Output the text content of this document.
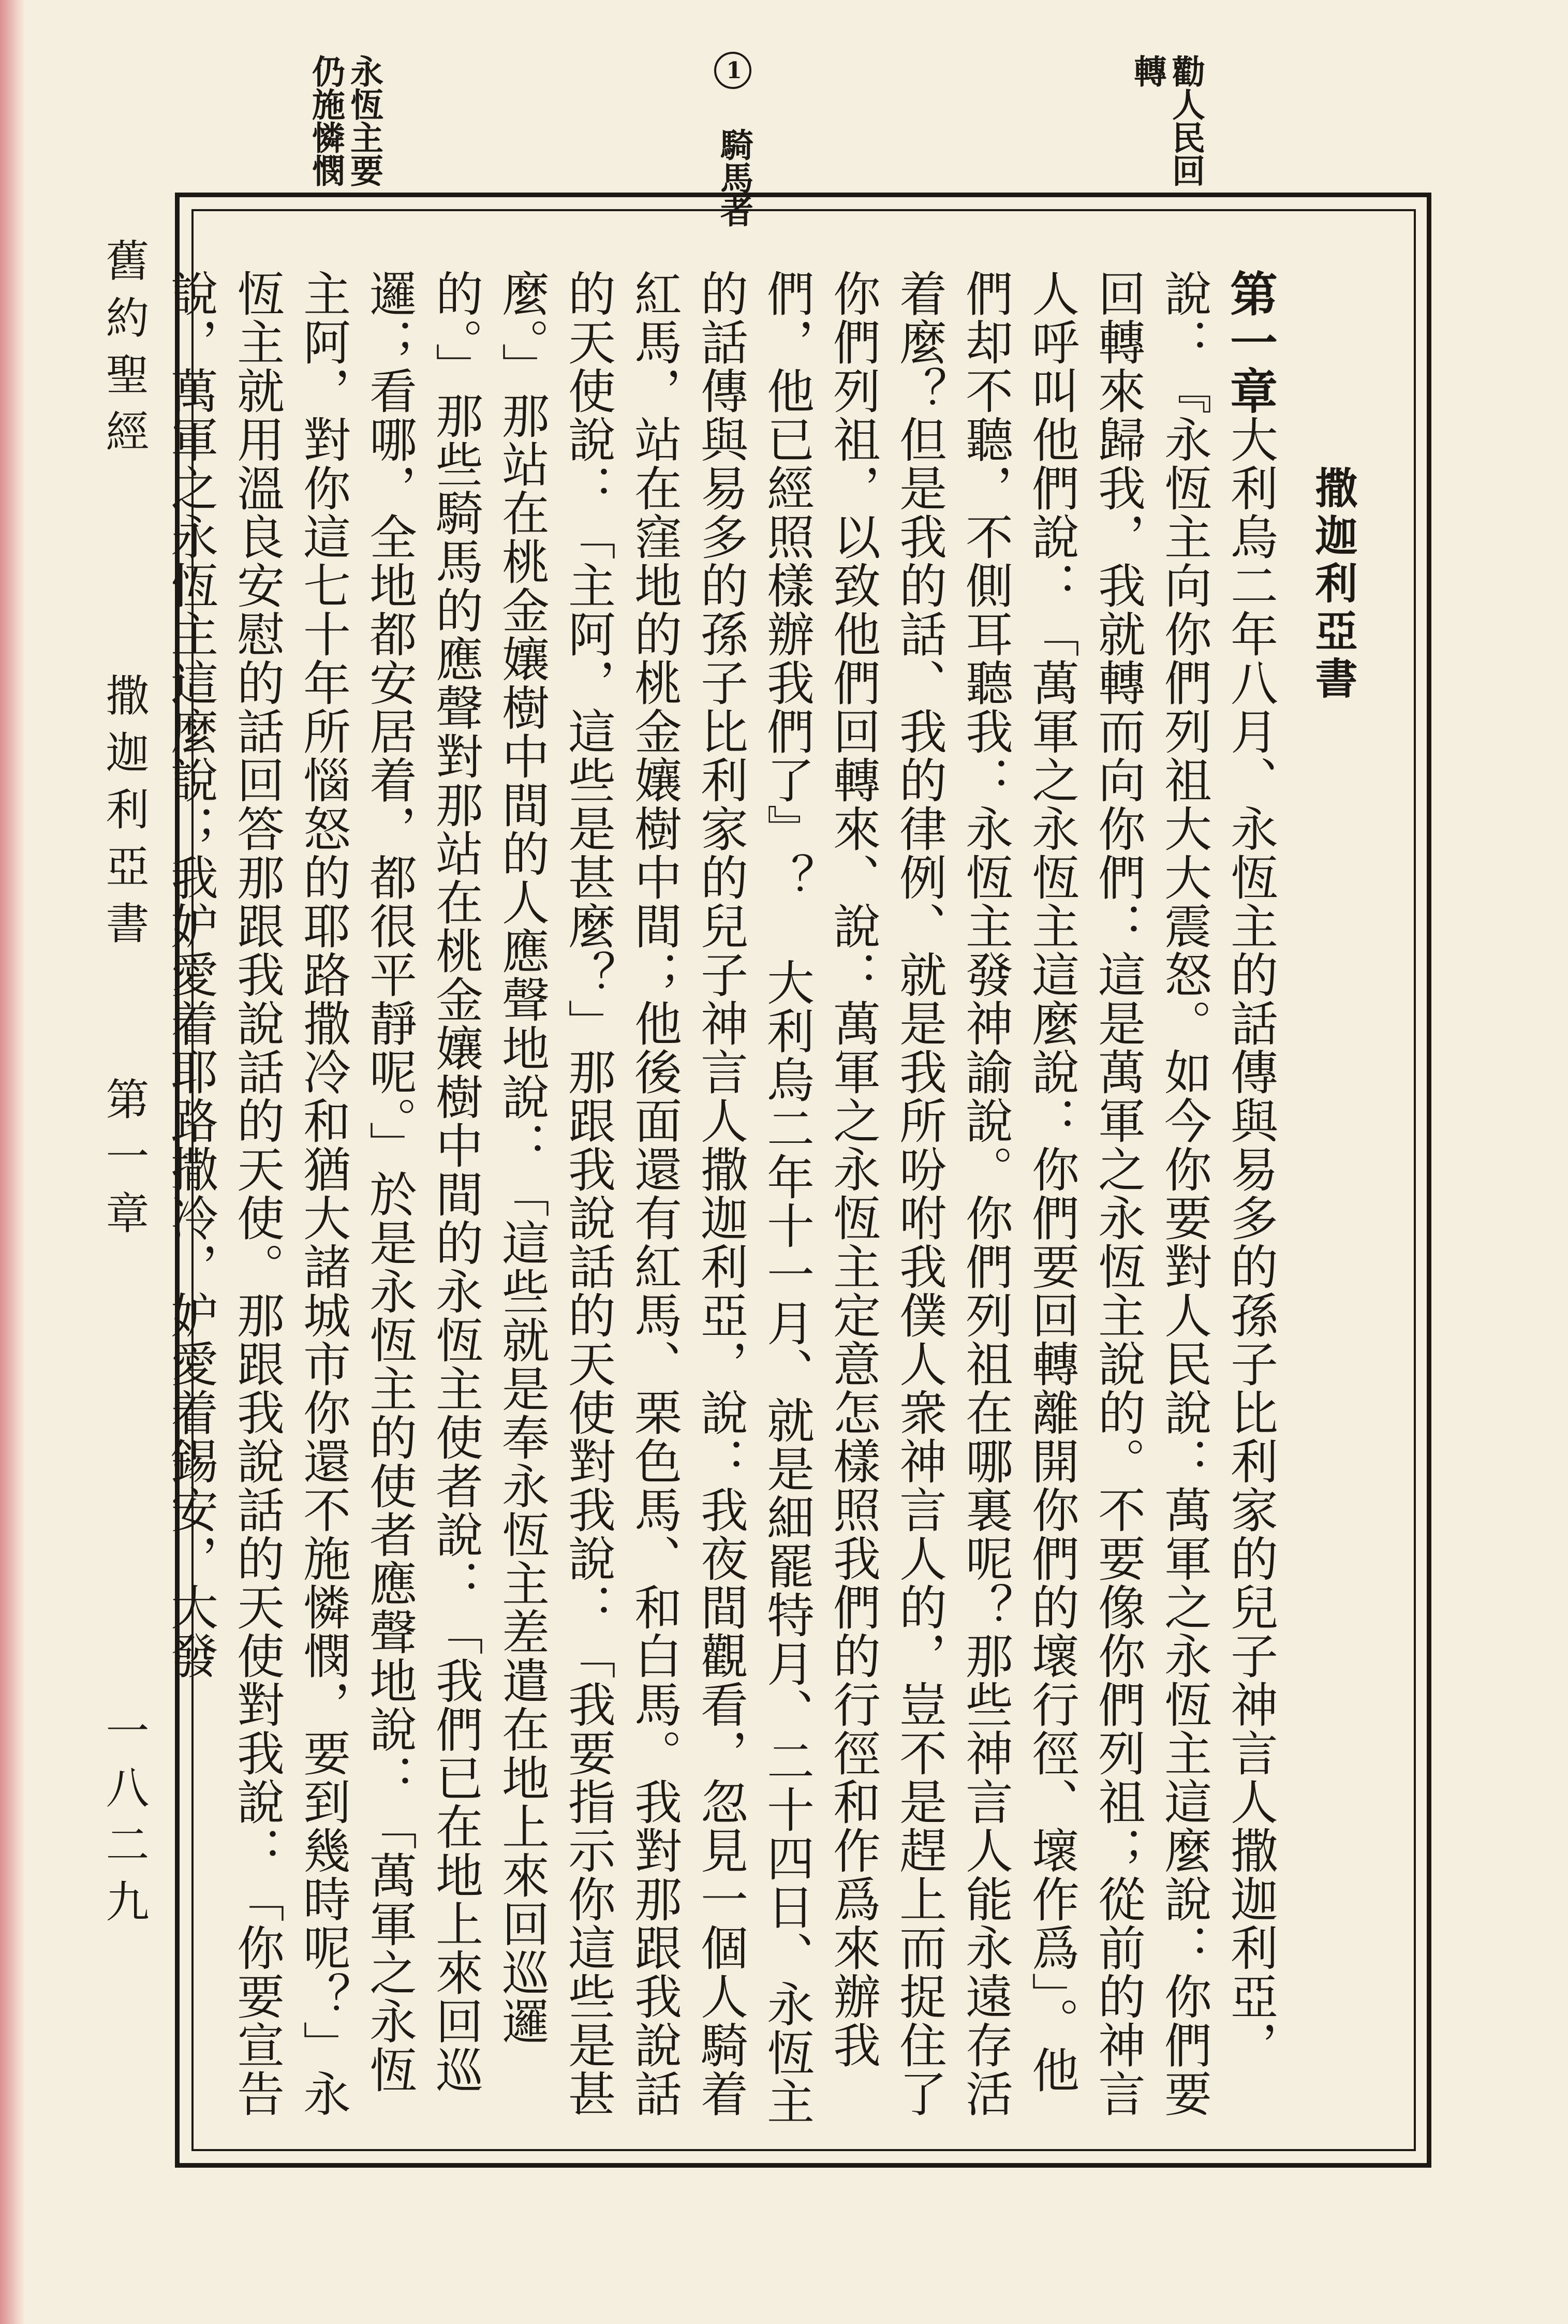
勸人民回轉
1 騎馬者
永恆主要仍施憐憫
撒迦利亞書
第一章大利烏二年八月、永恆主的話傳與易多的孫子比利家的兒子神言人撒迦利亞，說：『永恆主向你們列祖大大震怒。如今你要對人民說：萬軍之永恆主這麼說：你們要回轉來歸我，我就轉而向你們：這是萬軍之永恆主說的。不要像你們列祖；從前的神言人呼叫他們說：「萬軍之永恆主這麼說：你們要回轉離開你們的壞行徑、壞作爲」。他們却不聽，不側耳聽我：永恆主發神諭說。你們列祖在哪裏呢？那些神言人能永遠存活着麼？但是我的話、我的律例、就是我所吩咐我僕人衆神言人的，豈不是趕上而捉住了你們列祖，以致他們回轉來、說：萬軍之永恆主定意怎樣照我們的行徑和作爲來辦我們，他已經照樣辦我們了』？ 大利烏二年十一月、就是細罷特月、二十四日、永恆主的話傳與易多的孫子比利家的兒子神言人撒迦利亞，說：我夜間觀看，忽見一個人騎着紅馬，站在窪地的桃金孃樹中間；他後面還有紅馬、栗色馬、和白馬。我對那跟我說話的天使說：「主阿，這些是甚麼？」那跟我說話的天使對我說：「我要指示你這些是甚麼。」那站在桃金孃樹中間的人應聲地說：「這些就是奉永恆主差遣在地上來回巡邏的。」那些騎馬的應聲對那站在桃金孃樹中間的永恆主使者說：「我們已在地上來回巡邏；看哪，全地都安居着，都很平靜呢。」於是永恆主的使者應聲地說：「萬軍之永恆主阿，對你這七十年所惱怒的耶路撒冷和猶大諸城市你還不施憐憫，要到幾時呢？」永恆主就用溫良安慰的話回答那跟我說話的天使。那跟我說話的天使對我說：「你要宣告說，萬軍之永恆主這麼說；我妒愛着耶路撒冷，妒愛着錫安，大發
舊約聖經
撒迦利亞書
第一章
一八二九
